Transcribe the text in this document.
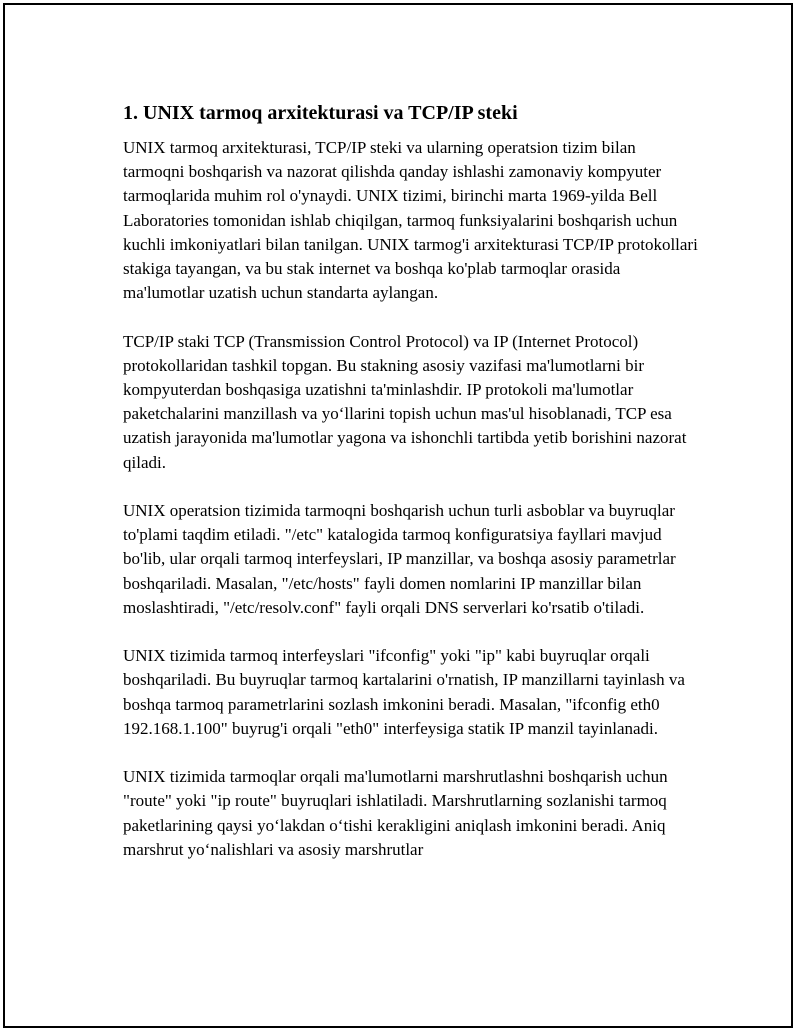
1. UNIX tarmoq arxitekturasi va TCP/IP steki

UNIX tarmoq arxitekturasi, TCP/IP steki va ularning operatsion tizim bilan tarmoqni boshqarish va nazorat qilishda qanday ishlashi zamonaviy kompyuter tarmoqlarida muhim rol o'ynaydi. UNIX tizimi, birinchi marta 1969-yilda Bell Laboratories tomonidan ishlab chiqilgan, tarmoq funksiyalarini boshqarish uchun kuchli imkoniyatlari bilan tanilgan. UNIX tarmog'i arxitekturasi TCP/IP protokollari stakiga tayangan, va bu stak internet va boshqa ko'plab tarmoqlar orasida ma'lumotlar uzatish uchun standarta aylangan.

TCP/IP staki TCP (Transmission Control Protocol) va IP (Internet Protocol) protokollaridan tashkil topgan. Bu stakning asosiy vazifasi ma'lumotlarni bir kompyuterdan boshqasiga uzatishni ta'minlashdir. IP protokoli ma'lumotlar paketchalarini manzillash va yo‘llarini topish uchun mas'ul hisoblanadi, TCP esa uzatish jarayonida ma'lumotlar yagona va ishonchli tartibda yetib borishini nazorat qiladi.

UNIX operatsion tizimida tarmoqni boshqarish uchun turli asboblar va buyruqlar to'plami taqdim etiladi. "/etc" katalogida tarmoq konfiguratsiya fayllari mavjud bo'lib, ular orqali tarmoq interfeyslari, IP manzillar, va boshqa asosiy parametrlar boshqariladi. Masalan, "/etc/hosts" fayli domen nomlarini IP manzillar bilan moslashtiradi, "/etc/resolv.conf" fayli orqali DNS serverlari ko'rsatib o'tiladi.

UNIX tizimida tarmoq interfeyslari "ifconfig" yoki "ip" kabi buyruqlar orqali boshqariladi. Bu buyruqlar tarmoq kartalarini o'rnatish, IP manzillarni tayinlash va boshqa tarmoq parametrlarini sozlash imkonini beradi. Masalan, "ifconfig eth0 192.168.1.100" buyrug'i orqali "eth0" interfeysiga statik IP manzil tayinlanadi.

UNIX tizimida tarmoqlar orqali ma'lumotlarni marshrutlashni boshqarish uchun "route" yoki "ip route" buyruqlari ishlatiladi. Marshrutlarning sozlanishi tarmoq paketlarining qaysi yo‘lakdan o‘tishi kerakligini aniqlash imkonini beradi. Aniq marshrut yo‘nalishlari va asosiy marshrutlar
